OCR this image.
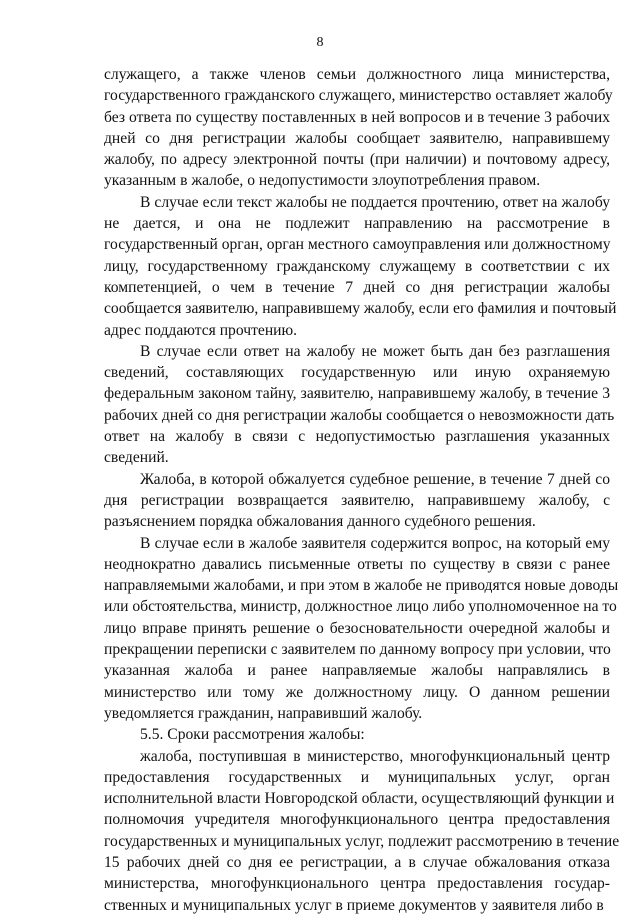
8
служащего, а также членов семьи должностного лица министерства,
государственного гражданского служащего, министерство оставляет жалобу
без ответа по существу поставленных в ней вопросов и в течение 3 рабочих
дней со дня регистрации жалобы сообщает заявителю, направившему
жалобу, по адресу электронной почты (при наличии) и почтовому адресу,
указанным в жалобе, о недопустимости злоупотребления правом.
В случае если текст жалобы не поддается прочтению, ответ на жалобу
не дается, и она не подлежит направлению на рассмотрение в
государственный орган, орган местного самоуправления или должностному
лицу, государственному гражданскому служащему в соответствии с их
компетенцией, о чем в течение 7 дней со дня регистрации жалобы
сообщается заявителю, направившему жалобу, если его фамилия и почтовый
адрес поддаются прочтению.
В случае если ответ на жалобу не может быть дан без разглашения
сведений, составляющих государственную или иную охраняемую
федеральным законом тайну, заявителю, направившему жалобу, в течение 3
рабочих дней со дня регистрации жалобы сообщается о невозможности дать
ответ на жалобу в связи с недопустимостью разглашения указанных
сведений.
Жалоба, в которой обжалуется судебное решение, в течение 7 дней со
дня регистрации возвращается заявителю, направившему жалобу, с
разъяснением порядка обжалования данного судебного решения.
В случае если в жалобе заявителя содержится вопрос, на который ему
неоднократно давались письменные ответы по существу в связи с ранее
направляемыми жалобами, и при этом в жалобе не приводятся новые доводы
или обстоятельства, министр, должностное лицо либо уполномоченное на то
лицо вправе принять решение о безосновательности очередной жалобы и
прекращении переписки с заявителем по данному вопросу при условии, что
указанная жалоба и ранее направляемые жалобы направлялись в
министерство или тому же должностному лицу. О данном решении
уведомляется гражданин, направивший жалобу.
5.5. Сроки рассмотрения жалобы:
жалоба, поступившая в министерство, многофункциональный центр
предоставления государственных и муниципальных услуг, орган
исполнительной власти Новгородской области, осуществляющий функции и
полномочия учредителя многофункционального центра предоставления
государственных и муниципальных услуг, подлежит рассмотрению в течение
15 рабочих дней со дня ее регистрации, а в случае обжалования отказа
министерства, многофункционального центра предоставления государ-
ственных и муниципальных услуг в приеме документов у заявителя либо в
